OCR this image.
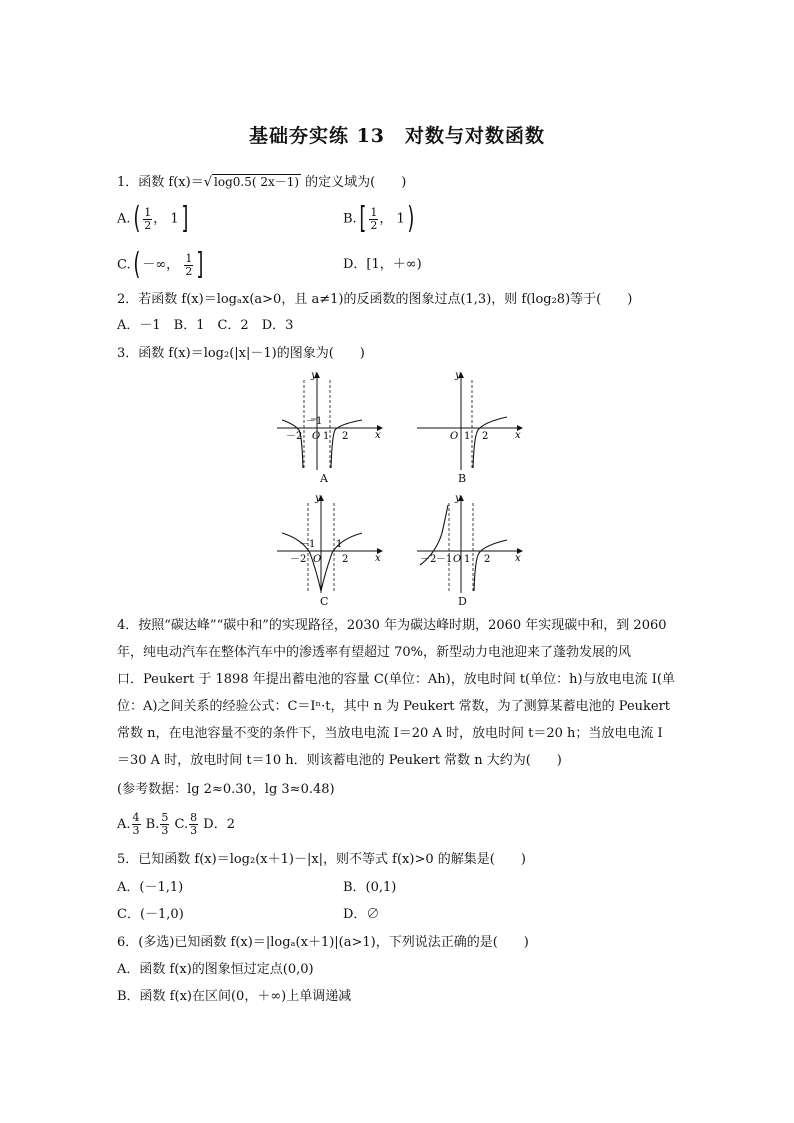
基础夯实练 13　对数与对数函数
1．函数 f(x)＝√ log0.5( 2x－1) 的定义域为(　　)
$A.( \frac{1}{2}$ ， 1]	$B.[ \frac{1}{2}$ ， 1)
C.( －∞， $\frac{1}{2}$ ]	D．[1，＋∞)
2．若函数 f(x)＝logₐx(a>0，且 a≠1)的反函数的图象过点(1,3)，则 f(log₂8)等于(　　)
A．－1　B．1　C．2　D．3
3．函数 f(x)＝log₂(|x|－1)的图象为(　　)
y
x
O 1 2
－2
－1
A
y
x
O 1 2
B
y
x
O
1
2
－2
－1
C
y
x
O 1 2
－2 －1
D
4．按照“碳达峰”“碳中和”的实现路径，2030 年为碳达峰时期，2060 年实现碳中和，到 2060
年，纯电动汽车在整体汽车中的渗透率有望超过 70%，新型动力电池迎来了蓬勃发展的风
口．Peukert 于 1898 年提出蓄电池的容量 C(单位：Ah)，放电时间 t(单位：h)与放电电流 I(单
位：A)之间关系的经验公式：C＝Iⁿ·t，其中 n 为 Peukert 常数，为了测算某蓄电池的 Peukert
常数 n，在电池容量不变的条件下，当放电电流 I＝20 A 时，放电时间 t＝20 h；当放电电流 I
＝30 A 时，放电时间 t＝10 h．则该蓄电池的 Peukert 常数 n 大约为(　　)
(参考数据：lg 2≈0.30，lg 3≈0.48)
A. $\frac{4}{3} B$. $\frac{5}{3} C$. $\frac{8}{3}$ D．2
5．已知函数 f(x)＝log₂(x＋1)－|x|，则不等式 f(x)>0 的解集是(　　)
A．(－1,1)	B．(0,1)
C．(－1,0)	D．∅
6．(多选)已知函数 f(x)＝|logₐ(x＋1)|(a>1)，下列说法正确的是(　　)
A．函数 f(x)的图象恒过定点(0,0)
B．函数 f(x)在区间(0，＋∞)上单调递减
